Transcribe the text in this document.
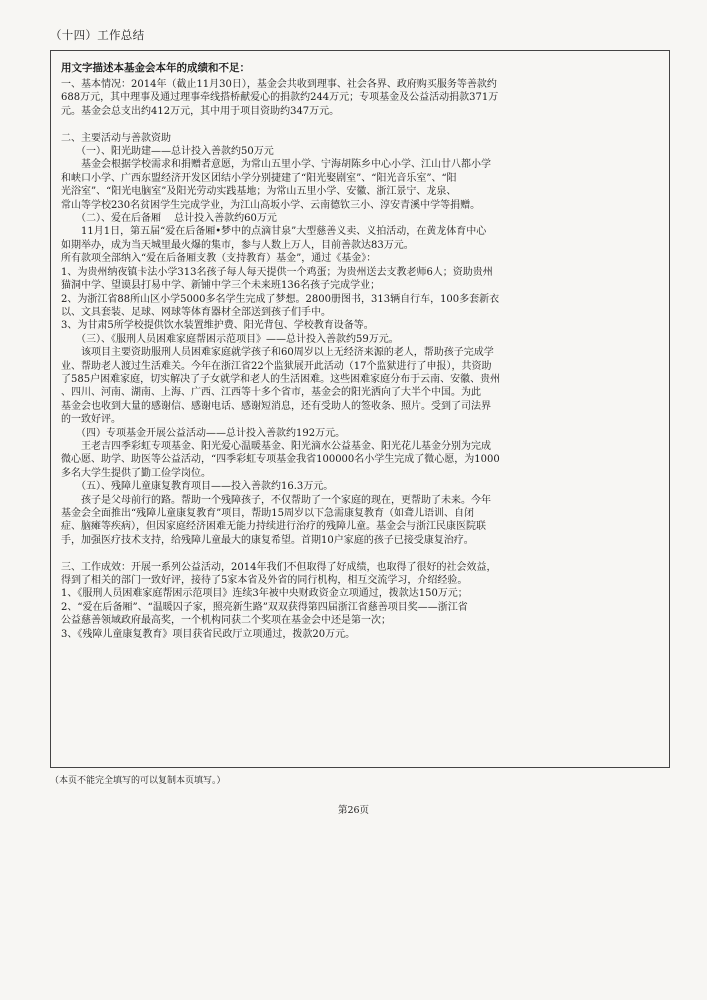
（十四）工作总结
用文字描述本基金会本年的成绩和不足：

一、基本情况：2014年（截止11月30日），基金会共收到理事、社会各界、政府购买服务等善款约

688万元，其中理事及通过理事牵线搭桥献爱心的捐款约244万元；专项基金及公益活动捐款371万

元。基金会总支出约412万元，其中用于项目资助约347万元。

二、主要活动与善款资助

　　（一）、阳光助建——总计投入善款约50万元

　　基金会根据学校需求和捐赠者意愿，为常山五里小学、宁海胡陈乡中心小学、江山廿八都小学

和峡口小学、广西东盟经济开发区团结小学分别捷建了“阳光娶剧室”、“阳光音乐室”、“阳

光浴室”、“阳光电脑室”及阳光劳动实践基地；为常山五里小学、安徽、浙江景宁、龙泉、

常山等学校230名贫困学生完成学业，为江山高坂小学、云南德钦三小、淳安青溪中学等捐赠。

　　（二）、爱在后备厢　 总计投入善款约60万元

　　11月1日，第五届“爱在后备厢•梦中的点滴甘泉”大型慈善义卖、义拍活动，在黄龙体育中心

如期举办，成为当天城里最火爆的集市，参与人数上万人，目前善款达83万元。

所有款项全部纳入“爱在后备厢支教（支持教育）基金”，通过《基金》：

1、为贵州纳夜镇卡法小学313名孩子每人每天提供一个鸡蛋；为贵州送去支教老师6人；资助贵州

猫洞中学、望谟县打易中学、新铺中学三个未来班136名孩子完成学业；

2、为浙江省88所山区小学5000多名学生完成了梦想。2800册图书，313辆自行车，100多套新衣

以、文具套装、足球、网球等体育器材全部送到孩子们手中。

3、为甘肃5所学校提供饮水装置维护费、阳光背包、学校教育设备等。

　　（三）、《服刑人员困难家庭帮困示范项目》——总计投入善款约59万元。

　　该项目主要资助服刑人员困难家庭就学孩子和60周岁以上无经济来源的老人，帮助孩子完成学

业、帮助老人渡过生活难关。今年在浙江省22个监狱展开此活动（17个监狱进行了申报），共资助

了585户困难家庭，切实解决了子女就学和老人的生活困难。这些困难家庭分布于云南、安徽、贵州

、四川、河南、湖南、上海、广西、江西等十多个省市，基金会的阳光洒向了大半个中国。为此

基金会也收到大量的感谢信、感谢电话、感谢短消息，还有受助人的签收条、照片。受到了司法界

的一致好评。

　　（四）专项基金开展公益活动——总计投入善款约192万元。

　　王老吉四季彩虹专项基金、阳光爱心温暖基金、阳光滴水公益基金、阳光花儿基金分别为完成

微心愿、助学、助医等公益活动，“四季彩虹专项基金我省100000名小学生完成了微心愿，为1000

多名大学生提供了勤工俭学岗位。

　　（五）、残障儿童康复教育项目——投入善款约16.3万元。

　　孩子是父母前行的路。帮助一个残障孩子，不仅帮助了一个家庭的现在，更帮助了未来。今年

基金会全面推出“残障儿童康复教育”项目，帮助15周岁以下急需康复教育（如聋儿语训、自闭

症、脑瘫等疾病），但因家庭经济困难无能力持续进行治疗的残障儿童。基金会与浙江民康医院联

手，加强医疗技术支持，给残障儿童最大的康复希望。首期10户家庭的孩子已接受康复治疗。

三、工作成效：开展一系列公益活动，2014年我们不但取得了好成绩，也取得了很好的社会效益，

得到了相关的部门一致好评，接待了5家本省及外省的同行机构，相互交流学习，介绍经验。

1、《服刑人员困难家庭帮困示范项目》连续3年被中央财政资金立项通过，拨款达150万元；

2、“爱在后备厢”、“温暖囚子家，照亮新生路”双双获得第四届浙江省慈善项目奖——浙江省

公益慈善领域政府最高奖，一个机构同获二个奖项在基金会中还是第一次；

3、《残障儿童康复教育》项目获省民政厅立项通过，拨款20万元。

（本页不能完全填写的可以复制本页填写。）
第26页
